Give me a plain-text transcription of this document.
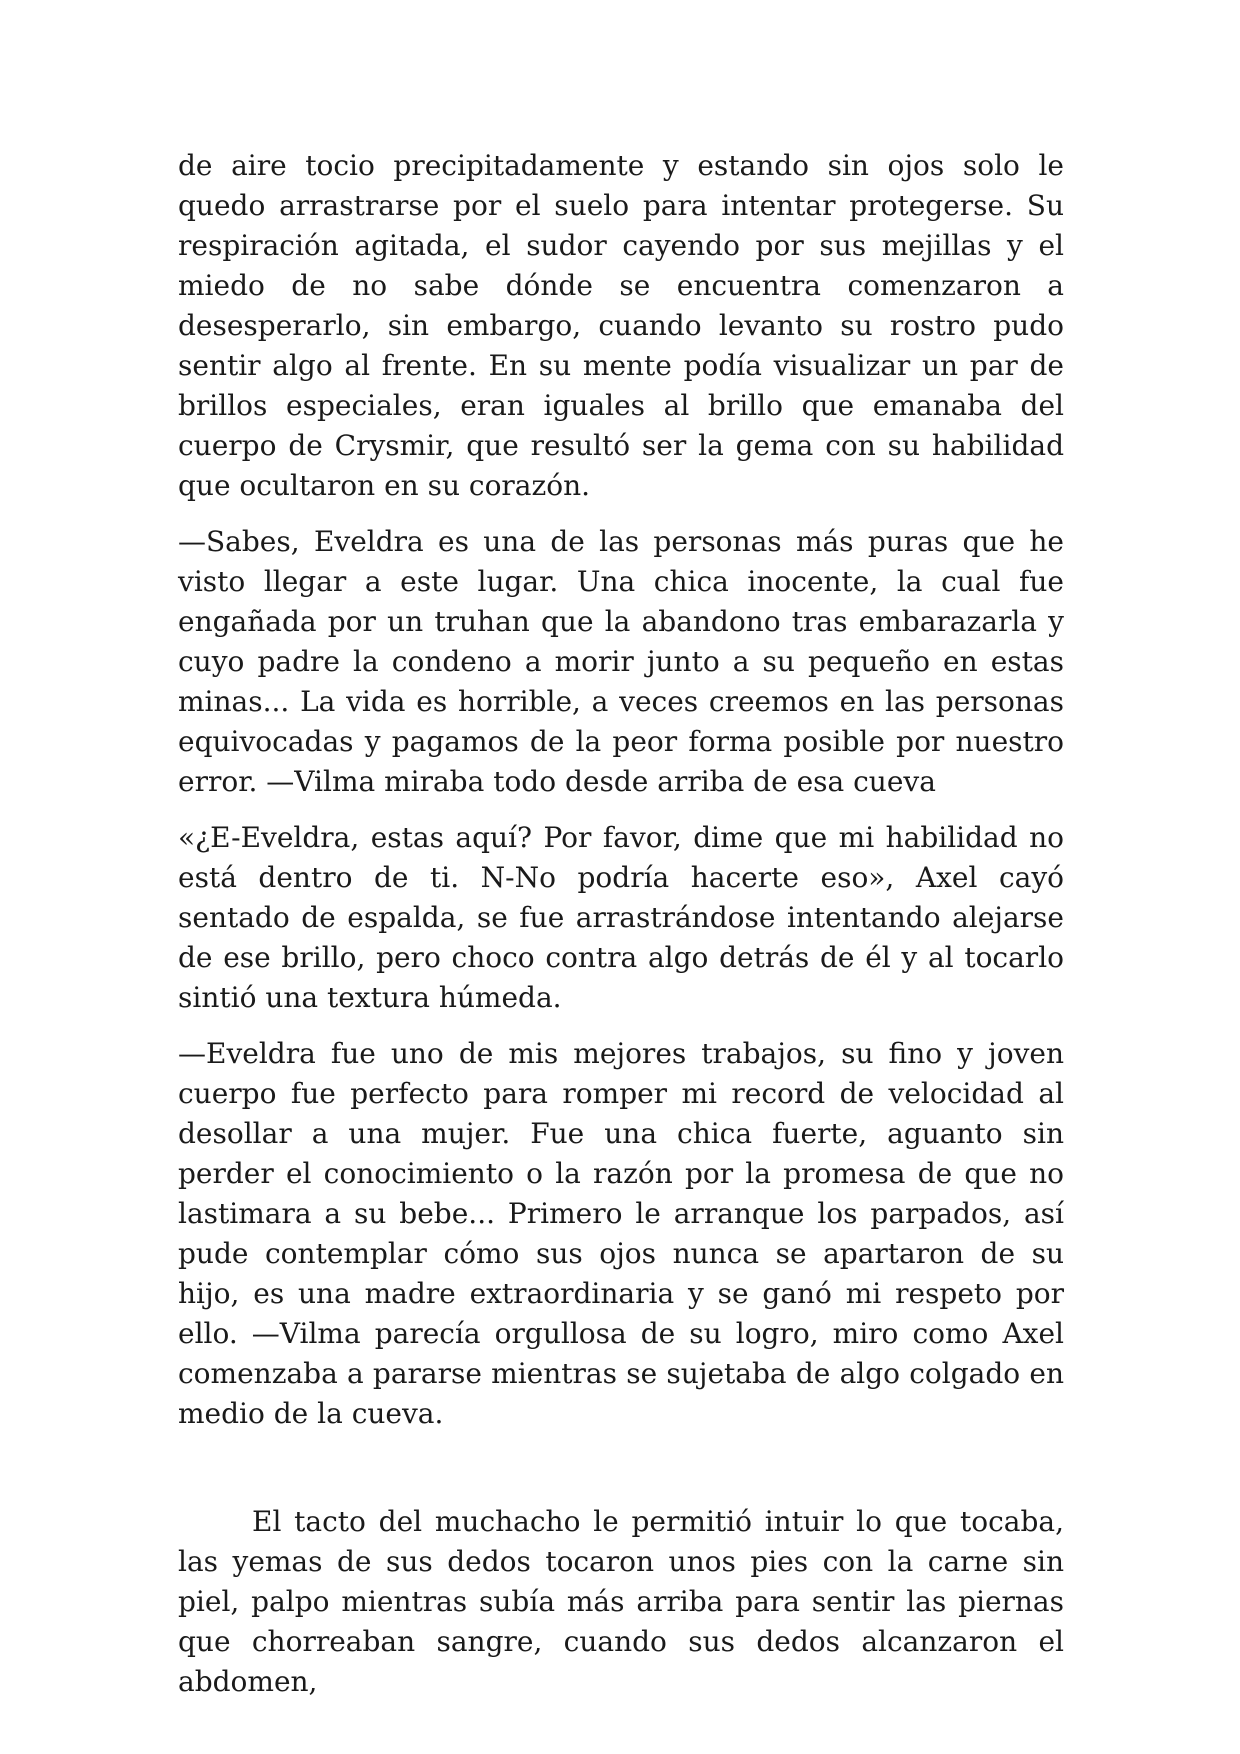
de aire tocio precipitadamente y estando sin ojos solo le quedo arrastrarse por el suelo para intentar protegerse. Su respiración agitada, el sudor cayendo por sus mejillas y el miedo de no sabe dónde se encuentra comenzaron a desesperarlo, sin embargo, cuando levanto su rostro pudo sentir algo al frente. En su mente podía visualizar un par de brillos especiales, eran iguales al brillo que emanaba del cuerpo de Crysmir, que resultó ser la gema con su habilidad que ocultaron en su corazón.

—Sabes, Eveldra es una de las personas más puras que he visto llegar a este lugar. Una chica inocente, la cual fue engañada por un truhan que la abandono tras embarazarla y cuyo padre la condeno a morir junto a su pequeño en estas minas... La vida es horrible, a veces creemos en las personas equivocadas y pagamos de la peor forma posible por nuestro error. —Vilma miraba todo desde arriba de esa cueva

«¿E-Eveldra, estas aquí? Por favor, dime que mi habilidad no está dentro de ti. N-No podría hacerte eso», Axel cayó sentado de espalda, se fue arrastrándose intentando alejarse de ese brillo, pero choco contra algo detrás de él y al tocarlo sintió una textura húmeda.

—Eveldra fue uno de mis mejores trabajos, su fino y joven cuerpo fue perfecto para romper mi record de velocidad al desollar a una mujer. Fue una chica fuerte, aguanto sin perder el conocimiento o la razón por la promesa de que no lastimara a su bebe... Primero le arranque los parpados, así pude contemplar cómo sus ojos nunca se apartaron de su hijo, es una madre extraordinaria y se ganó mi respeto por ello. —Vilma parecía orgullosa de su logro, miro como Axel comenzaba a pararse mientras se sujetaba de algo colgado en medio de la cueva.

El tacto del muchacho le permitió intuir lo que tocaba, las yemas de sus dedos tocaron unos pies con la carne sin piel, palpo mientras subía más arriba para sentir las piernas que chorreaban sangre, cuando sus dedos alcanzaron el abdomen,
